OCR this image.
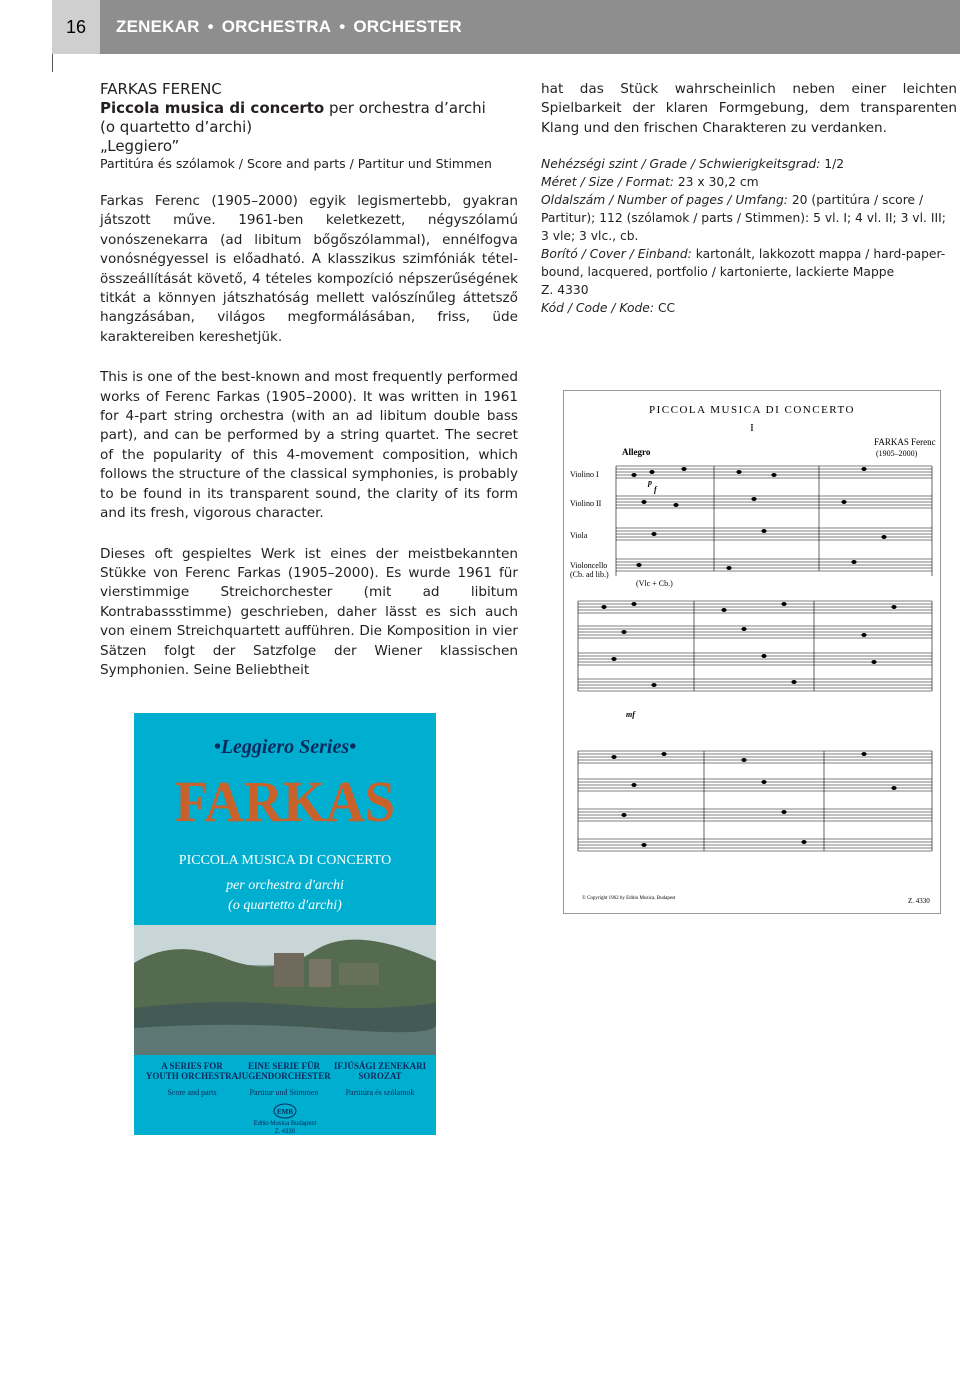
16	ZENEKAR • ORCHESTRA • ORCHESTER
FARKAS FERENC
Piccola musica di concerto per orchestra d’archi
(o quartetto d’archi)
„Leggiero”
Partitúra és szólamok / Score and parts / Partitur und Stimmen

Farkas Ferenc (1905–2000) egyik legismertebb, gyakran játszott műve. 1961-ben keletkezett, négyszólamú vonószenekarra (ad libitum bőgőszólammal), ennélfogva vonósnégyessel is előadható. A klasszikus szimfóniák tétel-összeállítását követő, 4 tételes kompozíció népszerűségének titkát a könnyen játszhatóság mellett valószínűleg áttetsző hangzásában, világos megformálásában, friss, üde karaktereiben kereshetjük.

This is one of the best-known and most frequently performed works of Ferenc Farkas (1905–2000). It was written in 1961 for 4-part string orchestra (with an ad libitum double bass part), and can be performed by a string quartet. The secret of the popularity of this 4-movement composition, which follows the structure of the classical symphonies, is probably to be found in its transparent sound, the clarity of its form and its fresh, vigorous character.

Dieses oft gespieltes Werk ist eines der meistbekannten Stükke von Ferenc Farkas (1905–2000). Es wurde 1961 für vierstimmige Streichorchester (mit ad libitum Kontrabassstimme) geschrieben, daher lässt es sich auch von einem Streichquartett aufführen. Die Komposition in vier Sätzen folgt der Satzfolge der Wiener klassischen Symphonien. Seine Beliebtheit

hat das Stück wahrscheinlich neben einer leichten Spielbarkeit der klaren Formgebung, dem transparenten Klang und den frischen Charakteren zu verdanken.

Nehézségi szint / Grade / Schwierigkeitsgrad: 1/2
Méret / Size / Format: 23 x 30,2 cm
Oldalszám / Number of pages / Umfang: 20 (partitúra / score / Partitur); 112 (szólamok / parts / Stimmen): 5 vl. I; 4 vl. II; 3 vl. III; 3 vle; 3 vlc., cb.
Borító / Cover / Einband: kartonált, lakkozott mappa / hard-paper-bound, lacquered, portfolio / kartonierte, lackierte Mappe
Z. 4330
Kód / Code / Kode: CC
PICCOLA MUSICA DI CONCERTO
I
FARKAS Ferenc
(1905–2000)
Allegro
Violino I
Violino II
Viola
Violoncello
(Cb. ad lib.)
(Vlc + Cb.)
p
f
mf
© Copyright 1962 by Editio Musica, Budapest	Z. 4330
•Leggiero Series•
FARKAS
PICCOLA MUSICA DI CONCERTO
per orchestra d'archi
(o quartetto d'archi)
A SERIES FOR
YOUTH ORCHESTRA
EINE SERIE FÜR
JUGENDORCHESTER
IFJÚSÁGI ZENEKARI
SOROZAT
Score and parts	Partitur und Stimmen	Partitúra és szólamok
EMB
Editio Musica Budapest
Z. 4330
